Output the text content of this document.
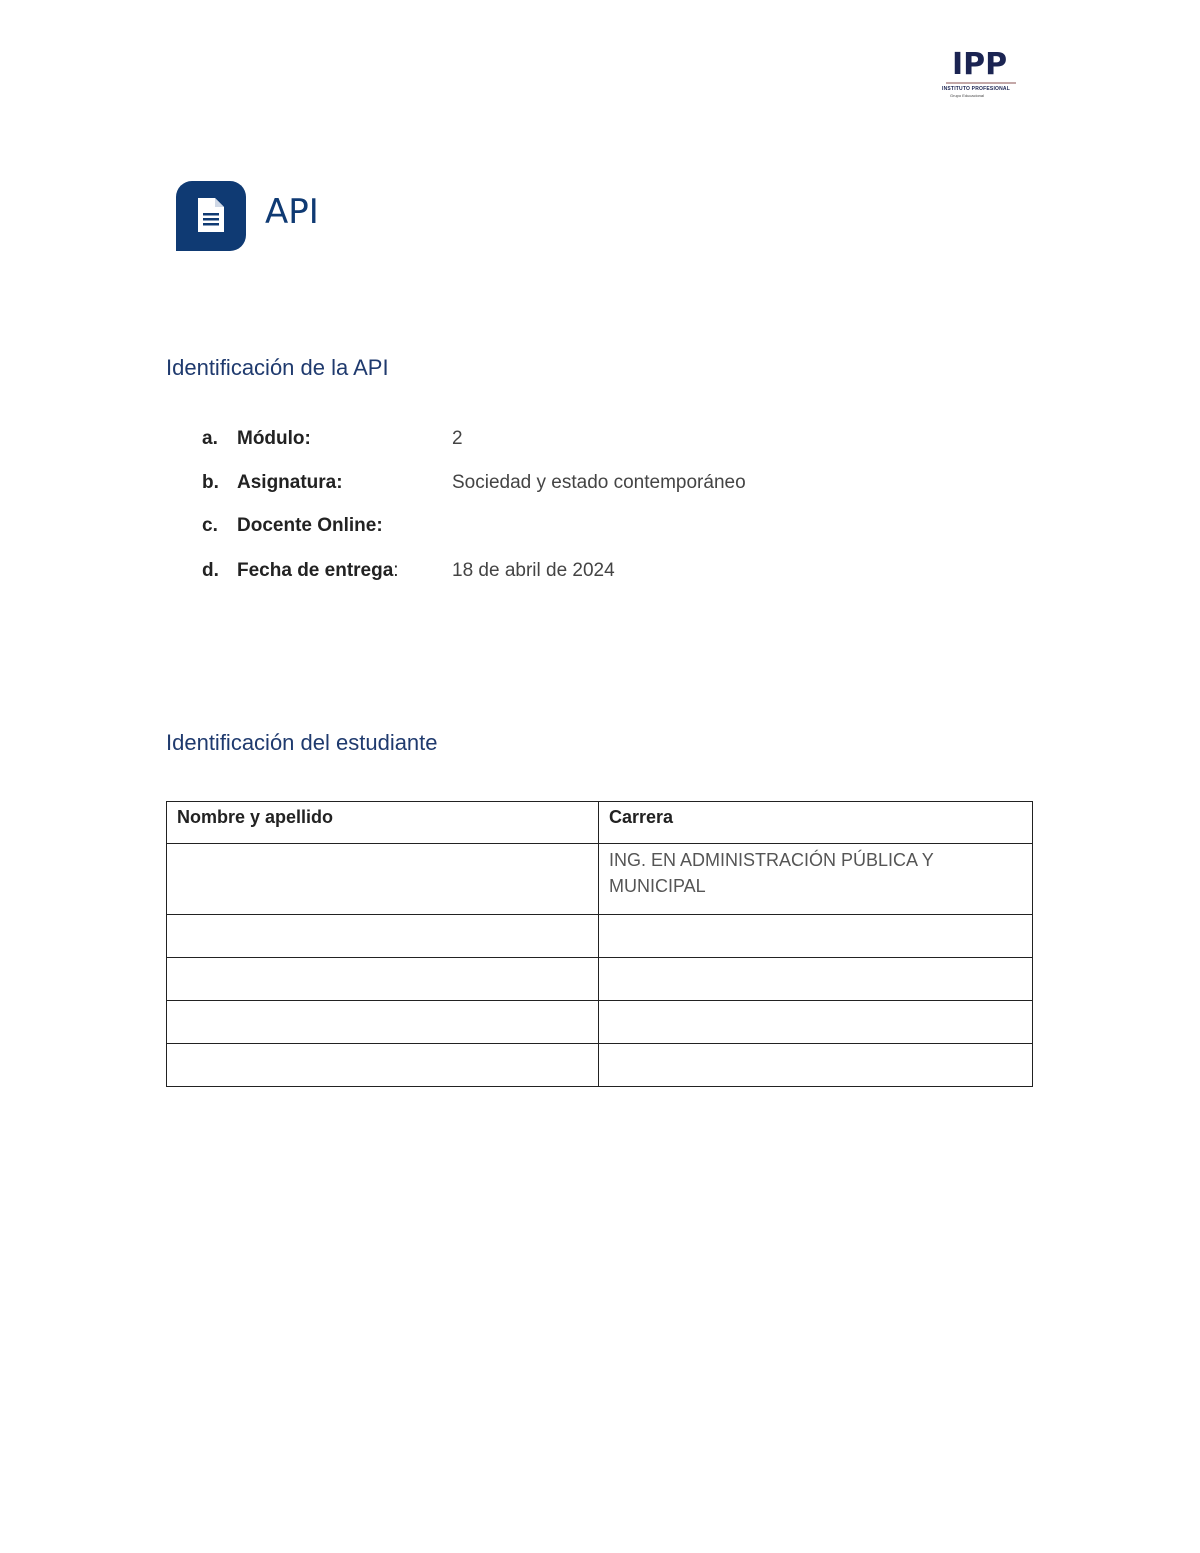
IPP
INSTITUTO PROFESIONAL
Grupo Educacional
API
Identificación de la API
a.	Módulo:	2
b. Asignatura:	Sociedad y estado contemporáneo
c.	Docente Online:
d. Fecha de entrega:	18 de abril de 2024
Identificación del estudiante
Nombre y apellido	Carrera
	ING. EN ADMINISTRACIÓN PÚBLICA Y MUNICIPAL
